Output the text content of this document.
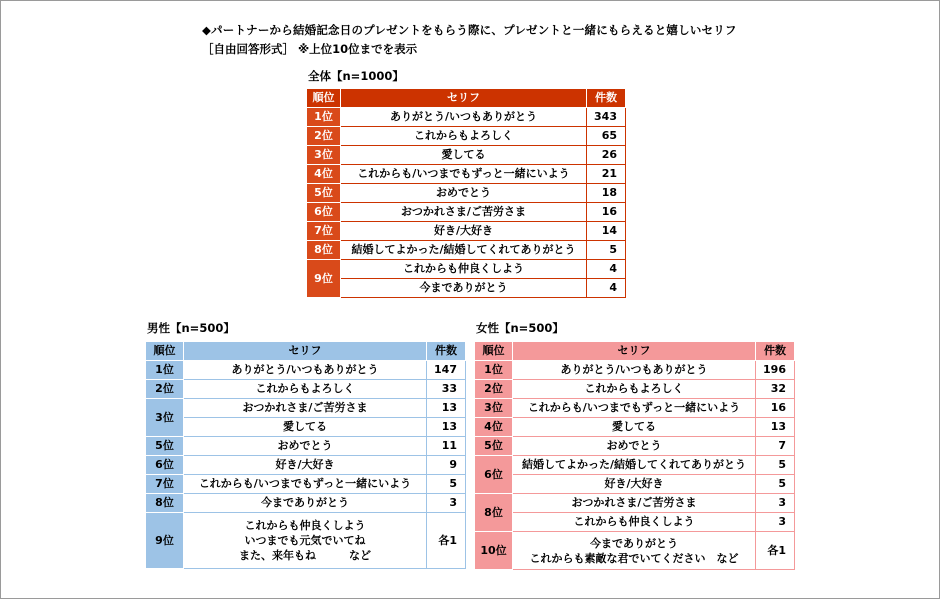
◆パートナーから結婚記念日のプレゼントをもらう際に、プレゼントと一緒にもらえると嬉しいセリフ
［自由回答形式］ ※上位10位までを表示
全体【n=1000】
順位	セリフ	件数
1位	ありがとう/いつもありがとう	343
2位	これからもよろしく	65
3位	愛してる	26
4位	これからも/いつまでもずっと一緒にいよう	21
5位	おめでとう	18
6位	おつかれさま/ご苦労さま	16
7位	好き/大好き	14
8位	結婚してよかった/結婚してくれてありがとう	5
9位	これからも仲良くしよう	4
	今までありがとう	4
男性【n=500】
順位	セリフ	件数
1位	ありがとう/いつもありがとう	147
2位	これからもよろしく	33
3位	おつかれさま/ご苦労さま	13
	愛してる	13
5位	おめでとう	11
6位	好き/大好き	9
7位	これからも/いつまでもずっと一緒にいよう	5
8位	今までありがとう	3
9位	これからも仲良くしよう
いつまでも元気でいてね
また、来年もね　　　など	各1
女性【n=500】
順位	セリフ	件数
1位	ありがとう/いつもありがとう	196
2位	これからもよろしく	32
3位	これからも/いつまでもずっと一緒にいよう	16
4位	愛してる	13
5位	おめでとう	7
6位	結婚してよかった/結婚してくれてありがとう	5
	好き/大好き	5
8位	おつかれさま/ご苦労さま	3
	これからも仲良くしよう	3
10位	今までありがとう
これからも素敵な君でいてください　など	各1
